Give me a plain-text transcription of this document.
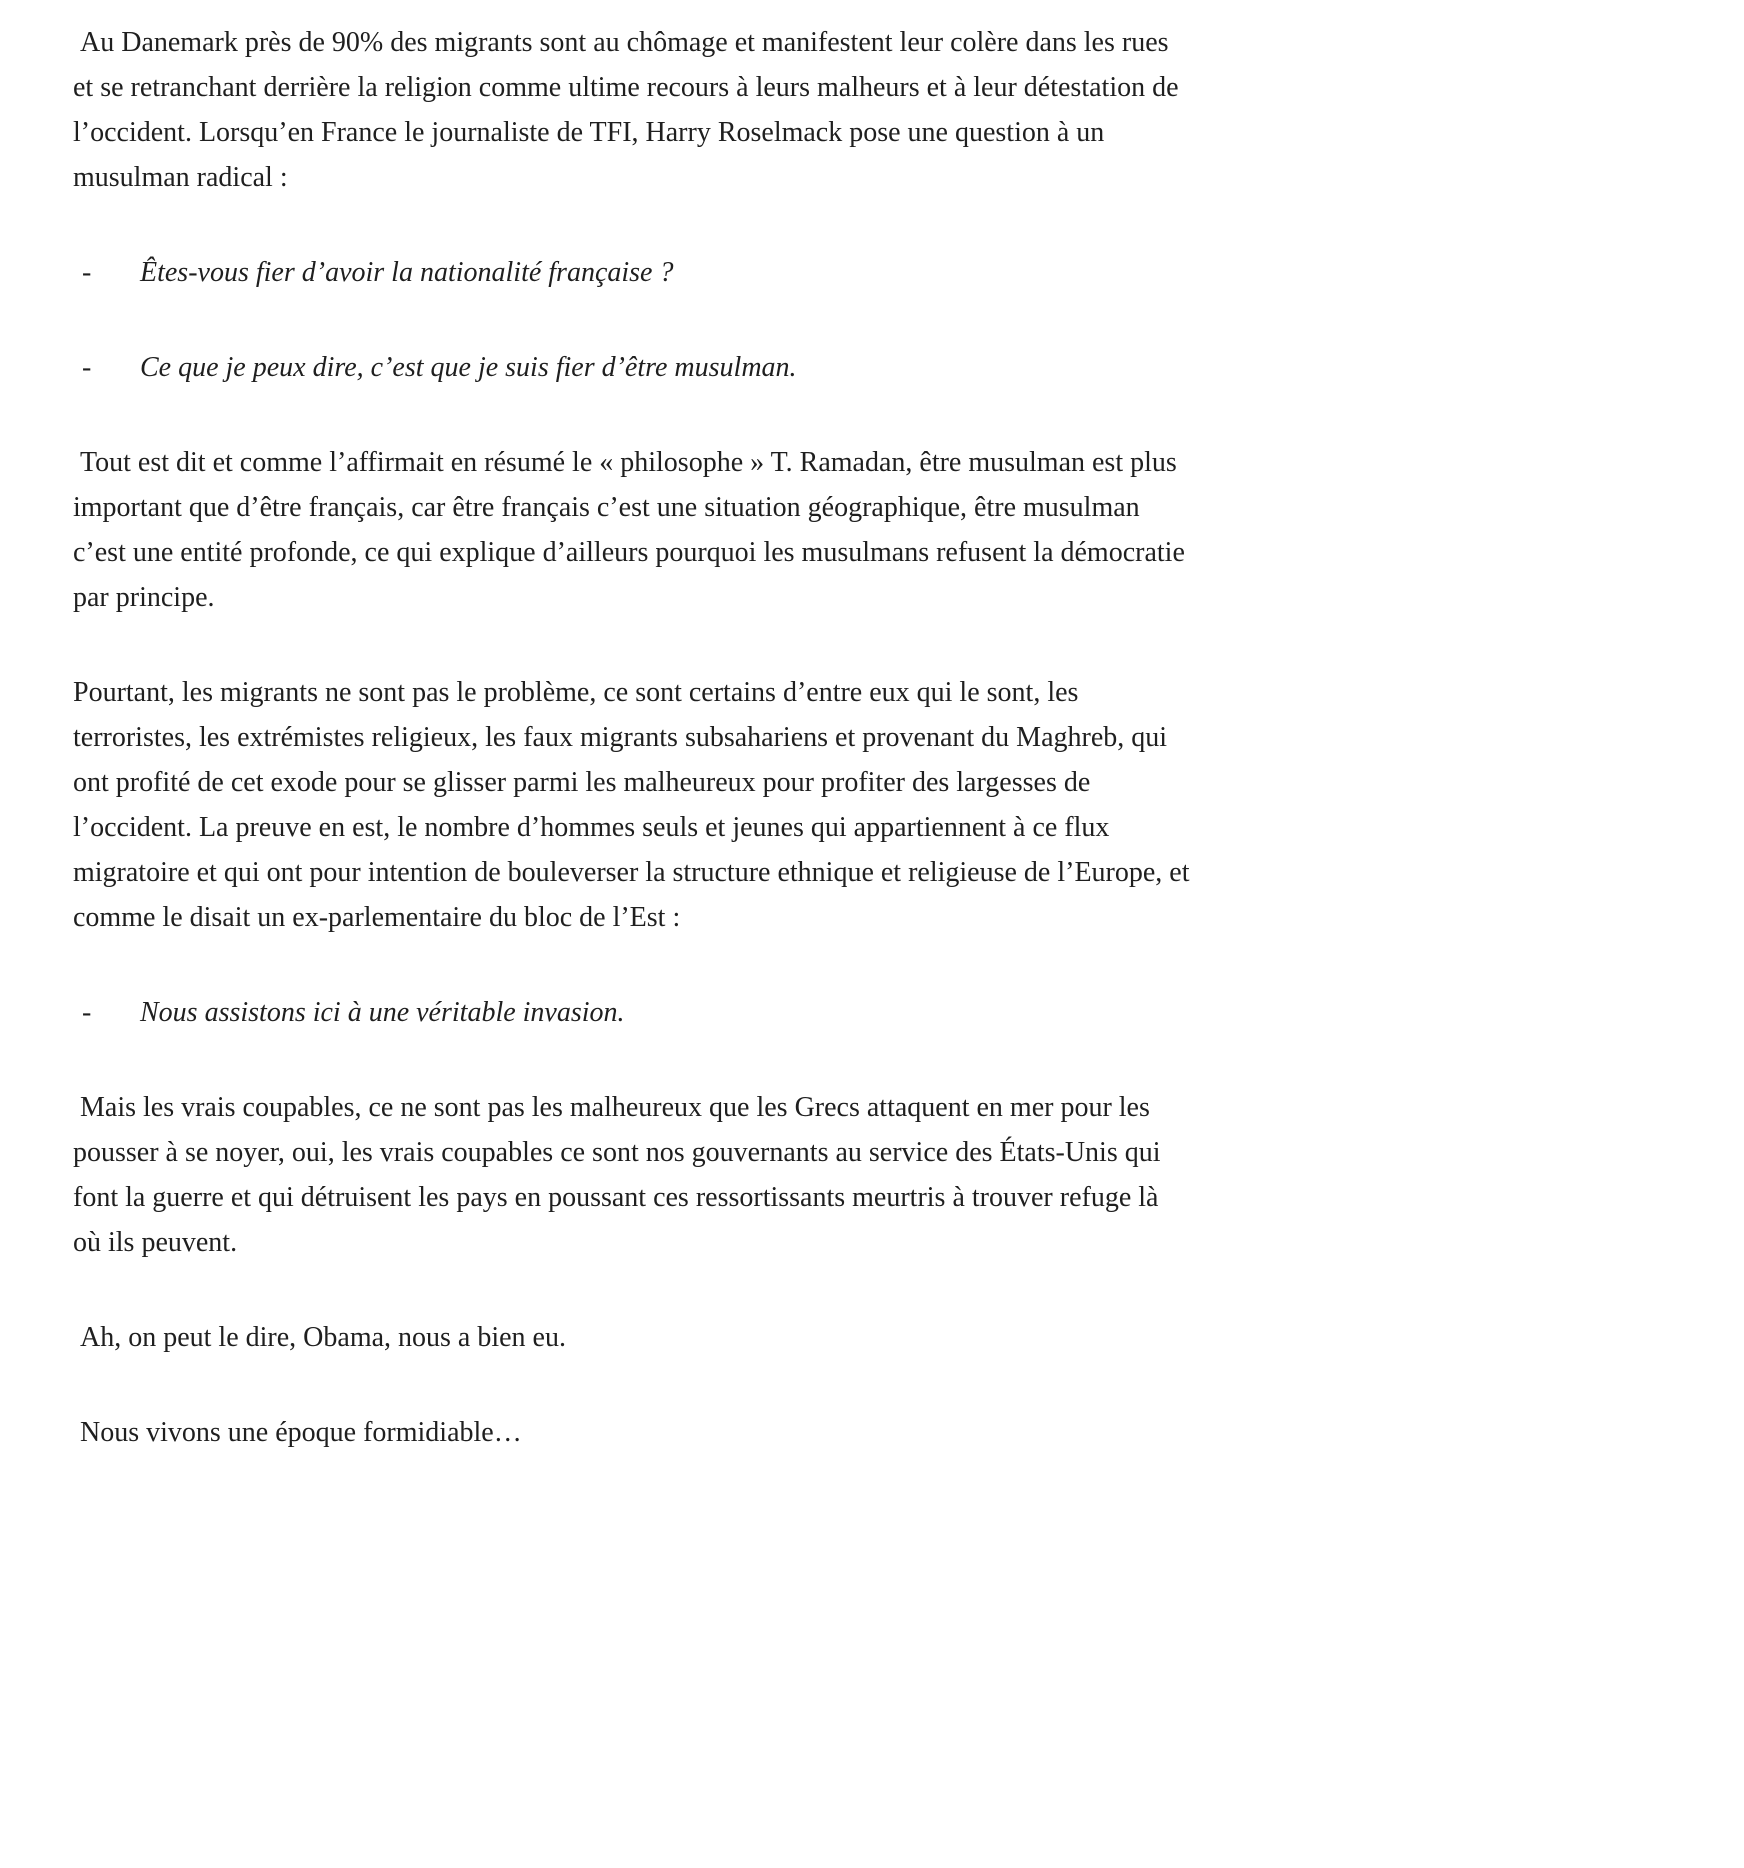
Au Danemark près de 90% des migrants sont au chômage et manifestent leur colère dans les rues et se retranchant derrière la religion comme ultime recours à leurs malheurs et à leur détestation de l’occident. Lorsqu’en France le journaliste de TFI, Harry Roselmack pose une question à un musulman radical :

-	Êtes-vous fier d’avoir la nationalité française ?
-	Ce que je peux dire, c’est que je suis fier d’être musulman.

Tout est dit et comme l’affirmait en résumé le « philosophe » T. Ramadan, être musulman est plus important que d’être français, car être français c’est une situation géographique, être musulman c’est une entité profonde, ce qui explique d’ailleurs pourquoi les musulmans refusent la démocratie par principe.

Pourtant, les migrants ne sont pas le problème, ce sont certains d’entre eux qui le sont, les terroristes, les extrémistes religieux, les faux migrants subsahariens et provenant du Maghreb, qui ont profité de cet exode pour se glisser parmi les malheureux pour profiter des largesses de l’occident. La preuve en est, le nombre d’hommes seuls et jeunes qui appartiennent à ce flux migratoire et qui ont pour intention de bouleverser la structure ethnique et religieuse de l’Europe, et comme le disait un ex-parlementaire du bloc de l’Est :

-	Nous assistons ici à une véritable invasion.

Mais les vrais coupables, ce ne sont pas les malheureux que les Grecs attaquent en mer pour les pousser à se noyer, oui, les vrais coupables ce sont nos gouvernants au service des États-Unis qui font la guerre et qui détruisent les pays en poussant ces ressortissants meurtris à trouver refuge là où ils peuvent.

Ah, on peut le dire, Obama, nous a bien eu.

Nous vivons une époque formidiable…
